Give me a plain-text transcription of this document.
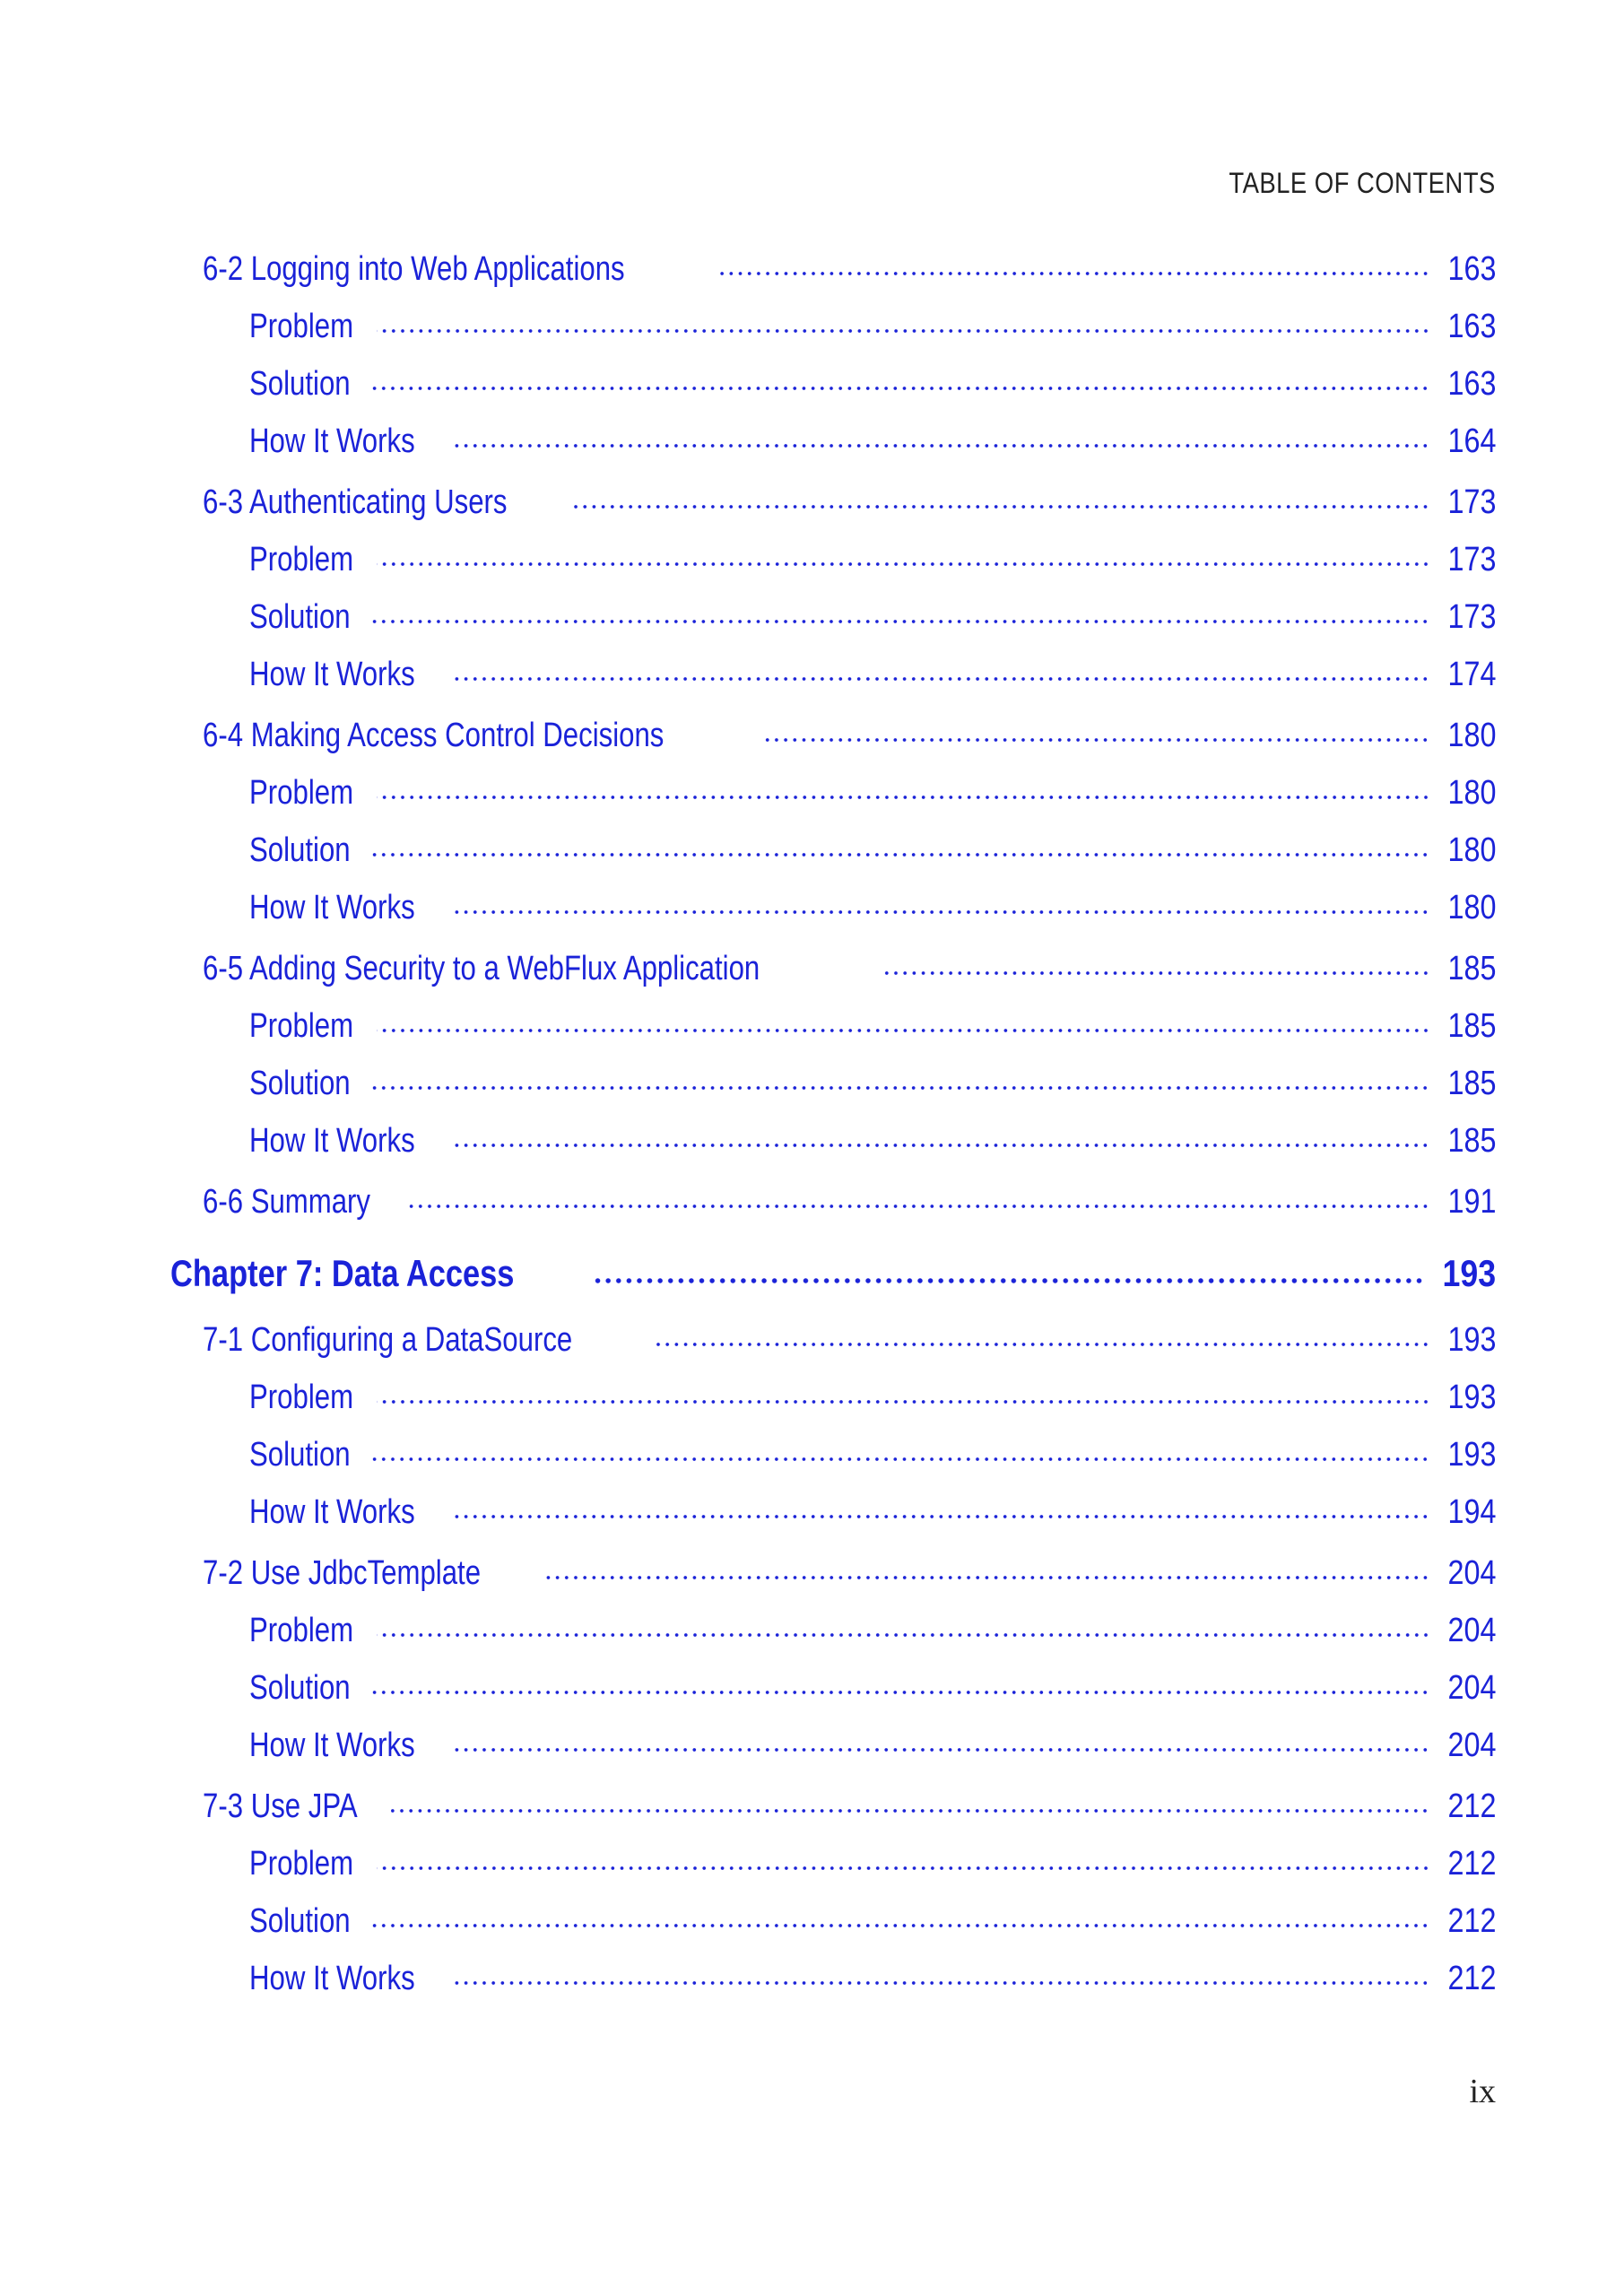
TABLE OF CONTENTS
6-2 Logging into Web Applications	163
Problem	163
Solution	163
How It Works	164
6-3 Authenticating Users	173
Problem	173
Solution	173
How It Works	174
6-4 Making Access Control Decisions	180
Problem	180
Solution	180
How It Works	180
6-5 Adding Security to a WebFlux Application	185
Problem	185
Solution	185
How It Works	185
6-6 Summary	191
Chapter 7: Data Access	193
7-1 Configuring a DataSource	193
Problem	193
Solution	193
How It Works	194
7-2 Use JdbcTemplate	204
Problem	204
Solution	204
How It Works	204
7-3 Use JPA	212
Problem	212
Solution	212
How It Works	212
ix
